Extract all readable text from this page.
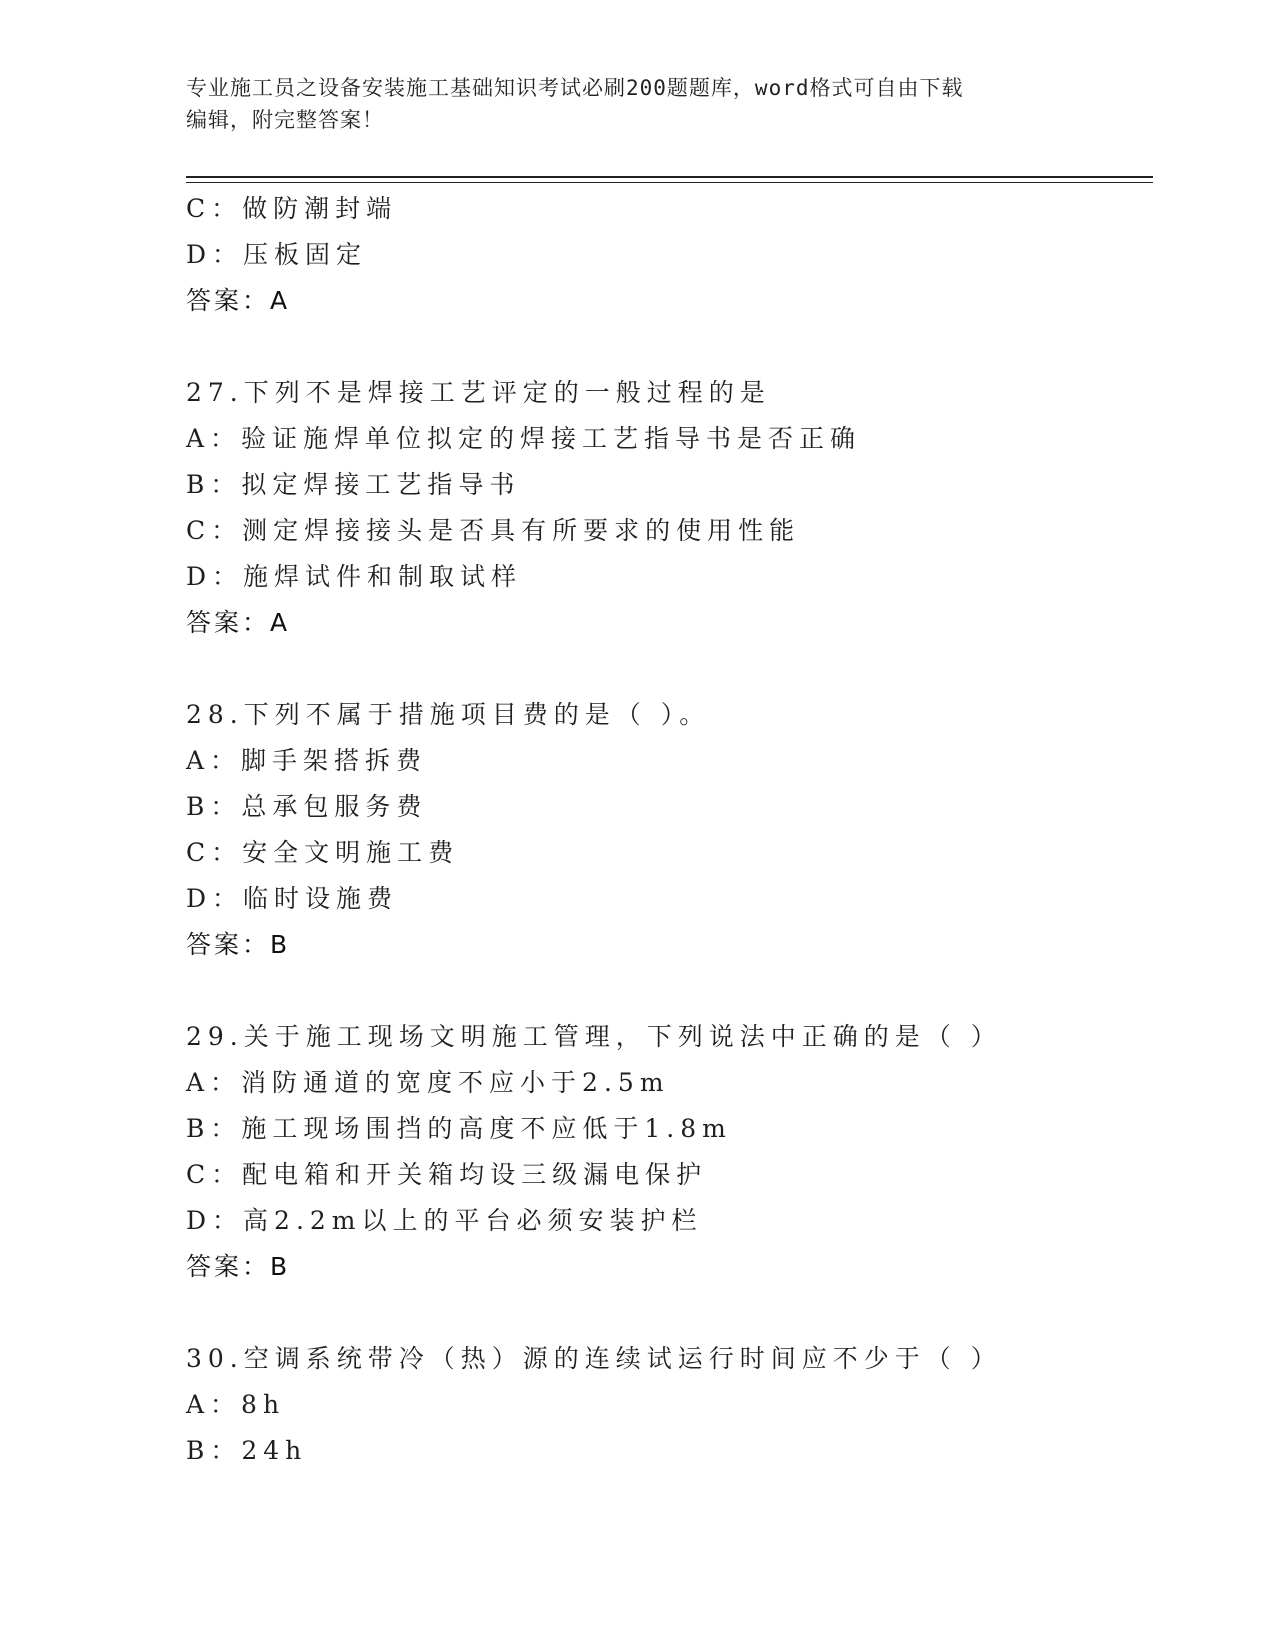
专业施工员之设备安装施工基础知识考试必刷200题题库，word格式可自由下载
编辑，附完整答案！
C：做防潮封端
D：压板固定
答案：A
27.下列不是焊接工艺评定的一般过程的是
A：验证施焊单位拟定的焊接工艺指导书是否正确
B：拟定焊接工艺指导书
C：测定焊接接头是否具有所要求的使用性能
D：施焊试件和制取试样
答案：A
28.下列不属于措施项目费的是（ ）。
A：脚手架搭拆费
B：总承包服务费
C：安全文明施工费
D：临时设施费
答案：B
29.关于施工现场文明施工管理，下列说法中正确的是（ ）
A：消防通道的宽度不应小于2.5m
B：施工现场围挡的高度不应低于1.8m
C：配电箱和开关箱均设三级漏电保护
D：高2.2m以上的平台必须安装护栏
答案：B
30.空调系统带冷（热）源的连续试运行时间应不少于（ ）
A：8h
B：24h
